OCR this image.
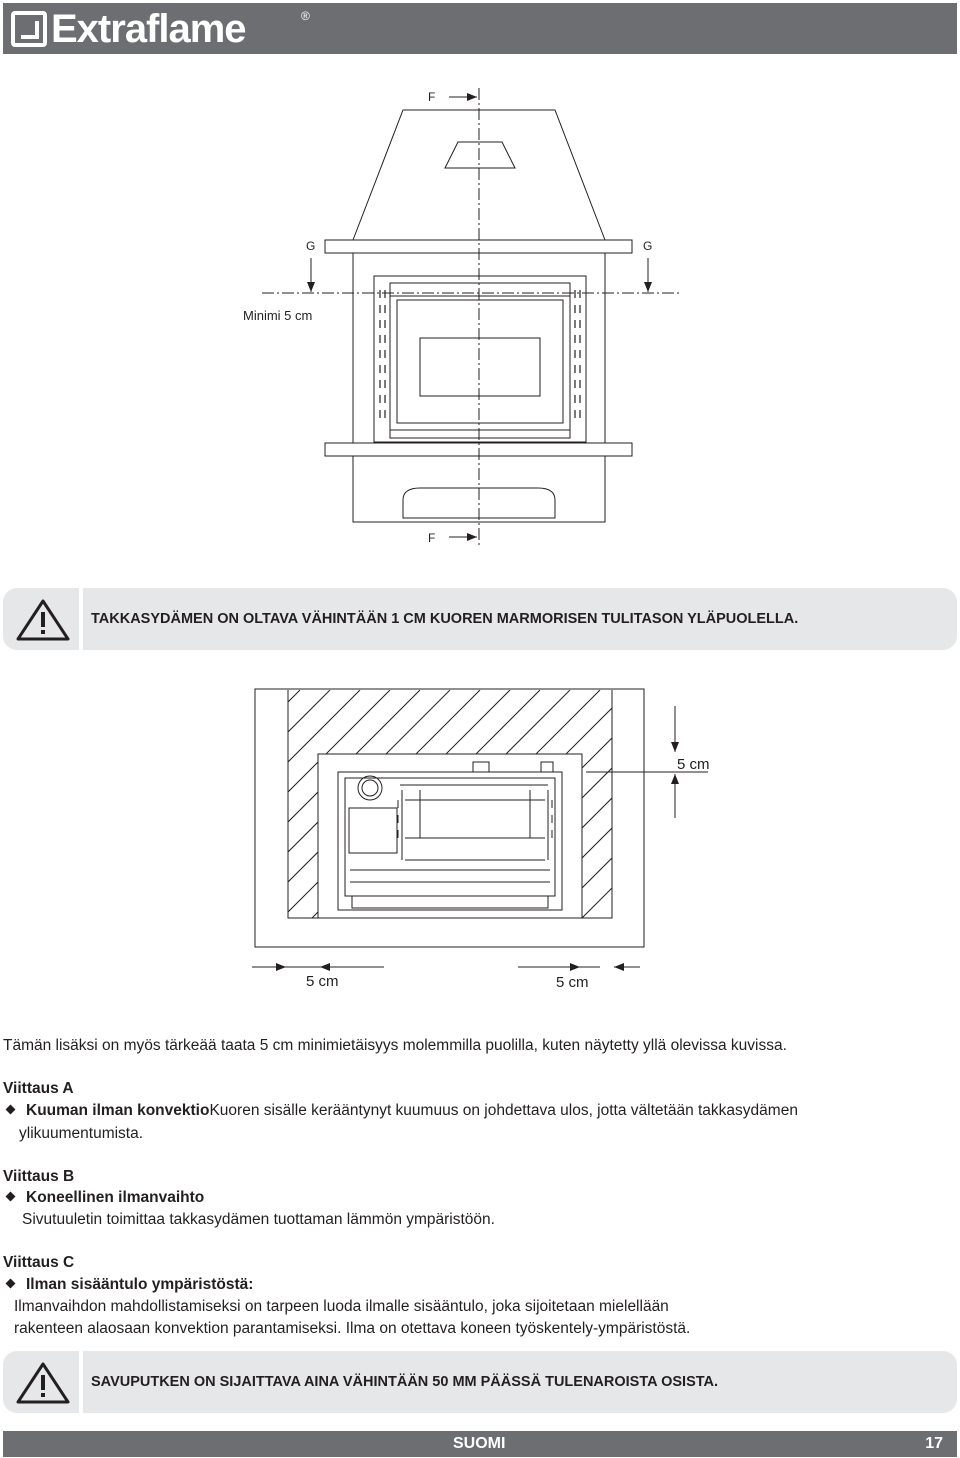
Extraflame	®
F
G	G
F
Minimi 5 cm
TAKKASYDÄMEN ON OLTAVA VÄHINTÄÄN 1 CM KUOREN MARMORISEN TULITASON YLÄPUOLELLA.
5 cm
5 cm	5 cm
Tämän lisäksi on myös tärkeää taata 5 cm minimietäisyys molemmilla puolilla, kuten näytetty yllä olevissa kuvissa.
Viittaus A
Kuuman ilman konvektioKuoren sisälle kerääntynyt kuumuus on johdettava ulos, jotta vältetään takkasydämen
ylikuumentumista.
Viittaus B
Koneellinen ilmanvaihto
Sivutuuletin toimittaa takkasydämen tuottaman lämmön ympäristöön.
Viittaus C
Ilman sisääntulo ympäristöstä:
Ilmanvaihdon mahdollistamiseksi on tarpeen luoda ilmalle sisääntulo, joka sijoitetaan mielellään
rakenteen alaosaan konvektion parantamiseksi. Ilma on otettava koneen työskentely-ympäristöstä.
SAVUPUTKEN ON SIJAITTAVA AINA VÄHINTÄÄN 50 MM PÄÄSSÄ TULENAROISTA OSISTA.
SUOMI	17
